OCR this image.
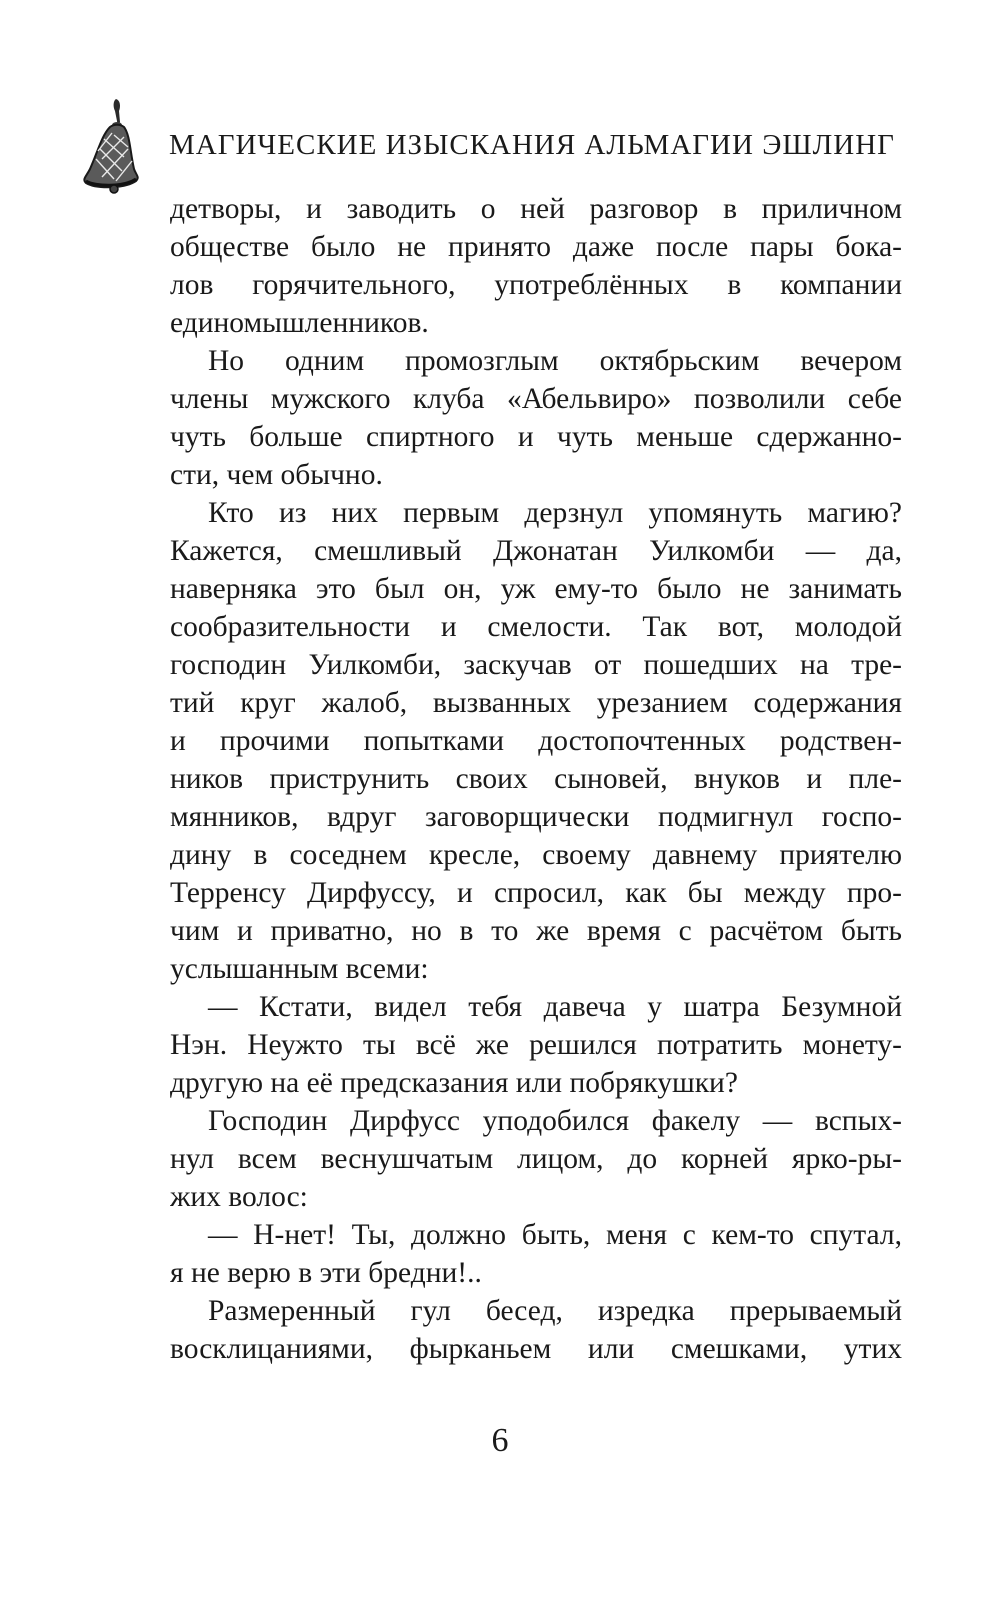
МАГИЧЕСКИЕ ИЗЫСКАНИЯ АЛЬМАГИИ ЭШЛИНГ
детворы, и заводить о ней разговор в приличном
обществе было не принято даже после пары бока-
лов горячительного, употреблённых в компании
единомышленников.
Но одним промозглым октябрьским вечером
члены мужского клуба «Абельвиро» позволили себе
чуть больше спиртного и чуть меньше сдержанно-
сти, чем обычно.
Кто из них первым дерзнул упомянуть магию?
Кажется, смешливый Джонатан Уилкомби — да,
наверняка это был он, уж ему-то было не занимать
сообразительности и смелости. Так вот, молодой
господин Уилкомби, заскучав от пошедших на тре-
тий круг жалоб, вызванных урезанием содержания
и прочими попытками достопочтенных родствен-
ников приструнить своих сыновей, внуков и пле-
мянников, вдруг заговорщически подмигнул госпо-
дину в соседнем кресле, своему давнему приятелю
Терренсу Дирфуссу, и спросил, как бы между про-
чим и приватно, но в то же время с расчётом быть
услышанным всеми:
— Кстати, видел тебя давеча у шатра Безумной
Нэн. Неужто ты всё же решился потратить монету-
другую на её предсказания или побрякушки?
Господин Дирфусс уподобился факелу — вспых-
нул всем веснушчатым лицом, до корней ярко-ры-
жих волос:
— Н-нет! Ты, должно быть, меня с кем-то спутал,
я не верю в эти бредни!..
Размеренный гул бесед, изредка прерываемый
восклицаниями, фырканьем или смешками, утих
6
